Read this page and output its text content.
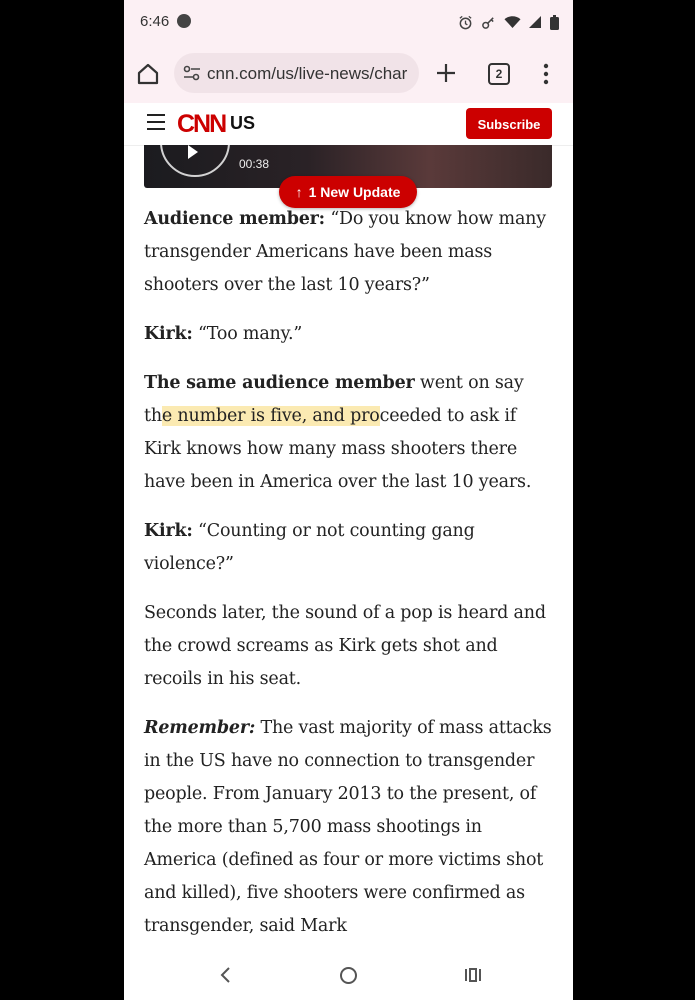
6:46
cnn.com/us/live-news/char	2
CNN US	Subscribe
00:38

Audience member: “Do you know how many transgender Americans have been mass shooters over the last 10 years?”

Kirk: “Too many.”

The same audience member went on say the number is five, and proceeded to ask if Kirk knows how many mass shooters there have been in America over the last 10 years.

Kirk: “Counting or not counting gang violence?”

Seconds later, the sound of a pop is heard and the crowd screams as Kirk gets shot and recoils in his seat.

Remember: The vast majority of mass attacks in the US have no connection to transgender people. From January 2013 to the present, of the more than 5,700 mass shootings in America (defined as four or more victims shot and killed), five shooters were confirmed as transgender, said Mark

↑ 1 New Update
